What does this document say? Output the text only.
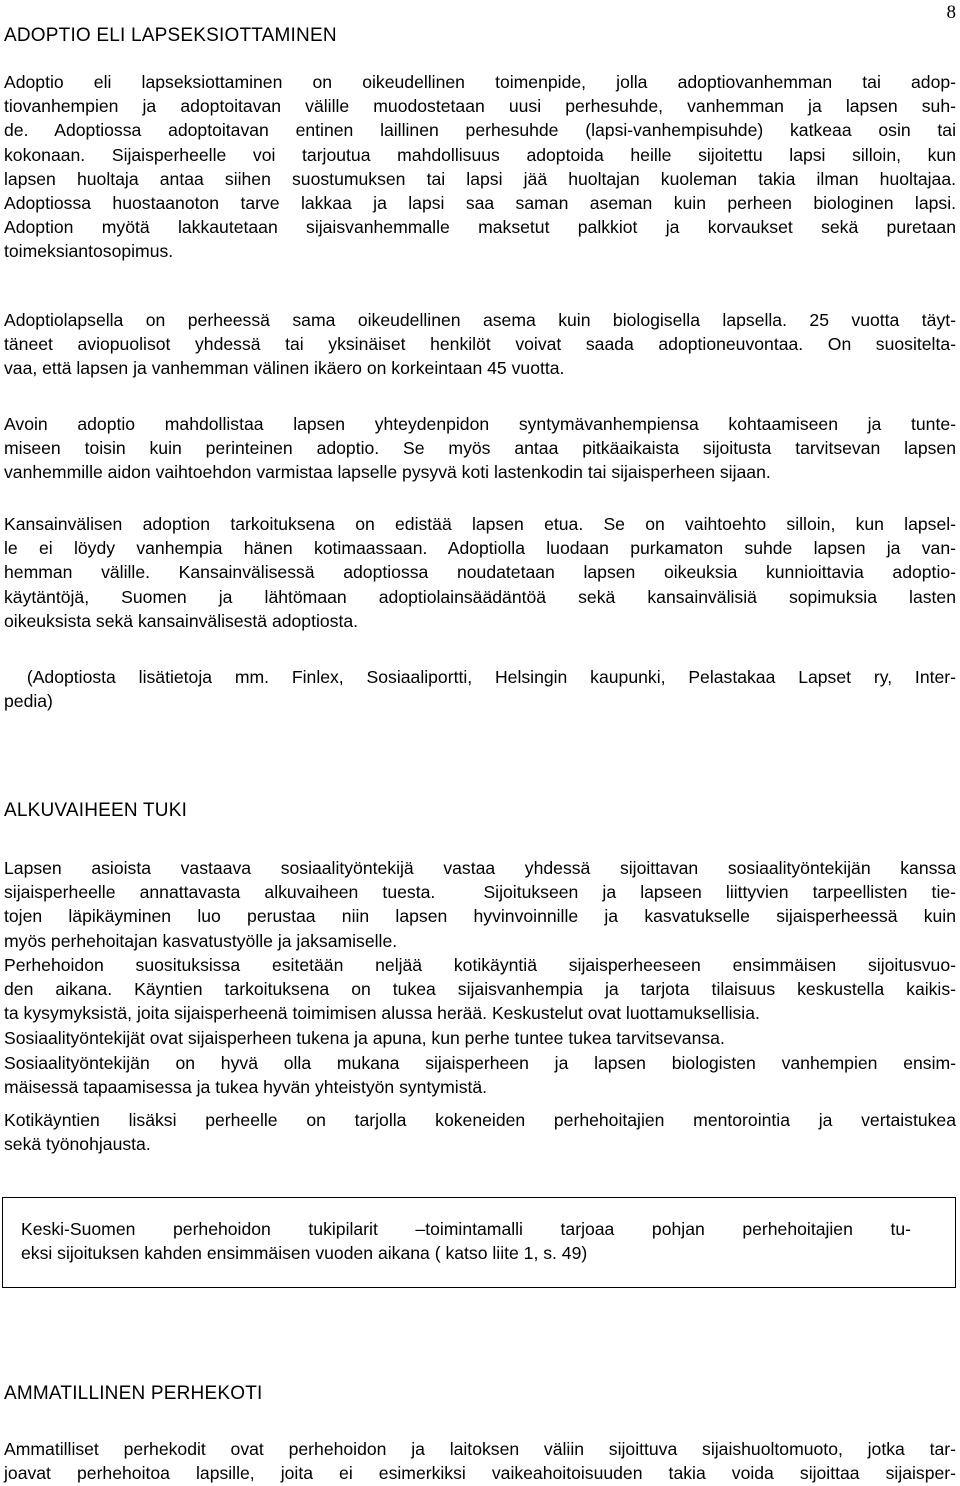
8
ADOPTIO ELI LAPSEKSIOTTAMINEN
Adoptio eli lapseksiottaminen on oikeudellinen toimenpide, jolla adoptiovanhemman tai adop-
tiovanhempien ja adoptoitavan välille muodostetaan uusi perhesuhde, vanhemman ja lapsen suh-
de. Adoptiossa adoptoitavan entinen laillinen perhesuhde (lapsi-vanhempisuhde) katkeaa osin tai
kokonaan. Sijaisperheelle voi tarjoutua mahdollisuus adoptoida heille sijoitettu lapsi silloin, kun
lapsen huoltaja antaa siihen suostumuksen tai lapsi jää huoltajan kuoleman takia ilman huoltajaa.
Adoptiossa huostaanoton tarve lakkaa ja lapsi saa saman aseman kuin perheen biologinen lapsi.
Adoption myötä lakkautetaan sijaisvanhemmalle maksetut palkkiot ja korvaukset sekä puretaan
toimeksiantosopimus.
Adoptiolapsella on perheessä sama oikeudellinen asema kuin biologisella lapsella. 25 vuotta täyt-
täneet aviopuolisot yhdessä tai yksinäiset henkilöt voivat saada adoptioneuvontaa. On suositelta-
vaa, että lapsen ja vanhemman välinen ikäero on korkeintaan 45 vuotta.
Avoin adoptio mahdollistaa lapsen yhteydenpidon syntymävanhempiensa kohtaamiseen ja tunte-
miseen toisin kuin perinteinen adoptio. Se myös antaa pitkäaikaista sijoitusta tarvitsevan lapsen
vanhemmille aidon vaihtoehdon varmistaa lapselle pysyvä koti lastenkodin tai sijaisperheen sijaan.
Kansainvälisen adoption tarkoituksena on edistää lapsen etua. Se on vaihtoehto silloin, kun lapsel-
le ei löydy vanhempia hänen kotimaassaan. Adoptiolla luodaan purkamaton suhde lapsen ja van-
hemman välille. Kansainvälisessä adoptiossa noudatetaan lapsen oikeuksia kunnioittavia adoptio-
käytäntöjä, Suomen ja lähtömaan adoptiolainsäädäntöä sekä kansainvälisiä sopimuksia lasten
oikeuksista sekä kansainvälisestä adoptiosta.
(Adoptiosta lisätietoja mm. Finlex, Sosiaaliportti, Helsingin kaupunki, Pelastakaa Lapset ry, Inter-
pedia)
ALKUVAIHEEN TUKI
Lapsen asioista vastaava sosiaalityöntekijä vastaa yhdessä sijoittavan sosiaalityöntekijän kanssa
sijaisperheelle annattavasta alkuvaiheen tuesta.  Sijoitukseen ja lapseen liittyvien tarpeellisten tie-
tojen läpikäyminen luo perustaa niin lapsen hyvinvoinnille ja kasvatukselle sijaisperheessä kuin
myös perhehoitajan kasvatustyölle ja jaksamiselle.
Perhehoidon suosituksissa esitetään neljää kotikäyntiä sijaisperheeseen ensimmäisen sijoitusvuo-
den aikana. Käyntien tarkoituksena on tukea sijaisvanhempia ja tarjota tilaisuus keskustella kaikis-
ta kysymyksistä, joita sijaisperheenä toimimisen alussa herää. Keskustelut ovat luottamuksellisia.
Sosiaalityöntekijät ovat sijaisperheen tukena ja apuna, kun perhe tuntee tukea tarvitsevansa.
Sosiaalityöntekijän on hyvä olla mukana sijaisperheen ja lapsen biologisten vanhempien ensim-
mäisessä tapaamisessa ja tukea hyvän yhteistyön syntymistä.
Kotikäyntien lisäksi perheelle on tarjolla kokeneiden perhehoitajien mentorointia ja vertaistukea
sekä työnohjausta.
Keski-Suomen perhehoidon tukipilarit –toimintamalli tarjoaa pohjan perhehoitajien tu-
eksi sijoituksen kahden ensimmäisen vuoden aikana ( katso liite 1, s. 49)
AMMATILLINEN PERHEKOTI
Ammatilliset perhekodit ovat perhehoidon ja laitoksen väliin sijoittuva sijaishuoltomuoto, jotka tar-
joavat perhehoitoa lapsille, joita ei esimerkiksi vaikeahoitoisuuden takia voida sijoittaa sijaisper-
